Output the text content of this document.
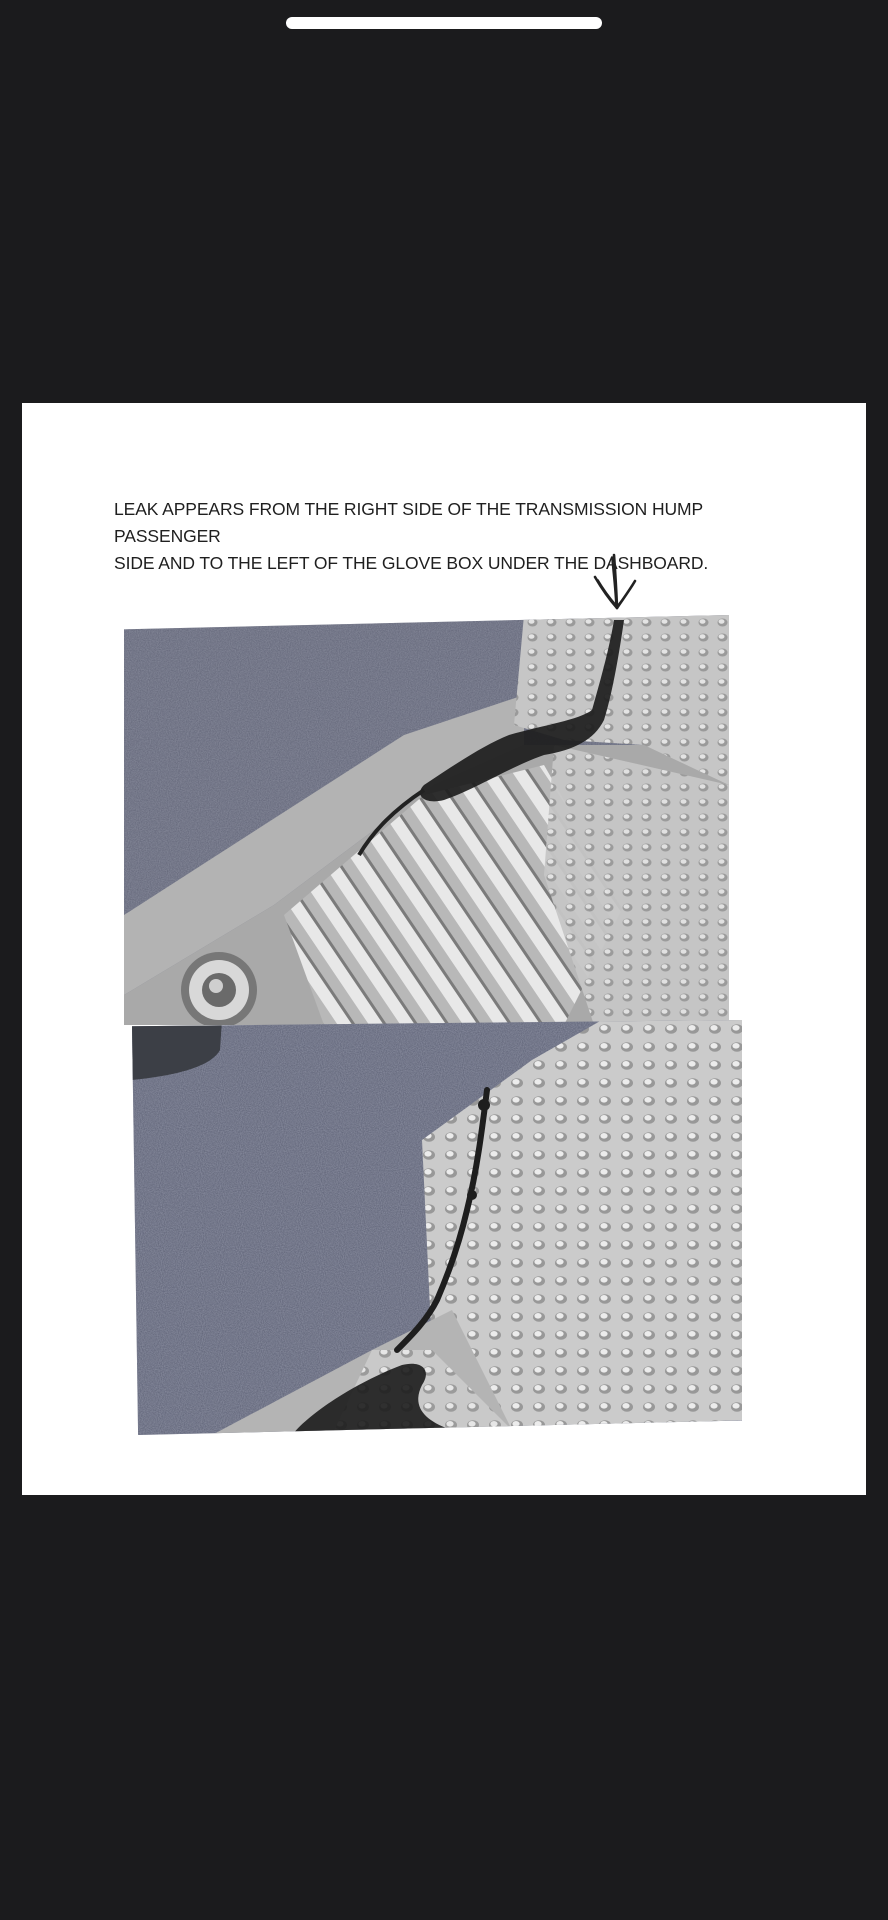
LEAK APPEARS FROM THE RIGHT SIDE OF THE TRANSMISSION HUMP PASSENGER
SIDE AND TO THE LEFT OF THE GLOVE BOX UNDER THE DASHBOARD.
